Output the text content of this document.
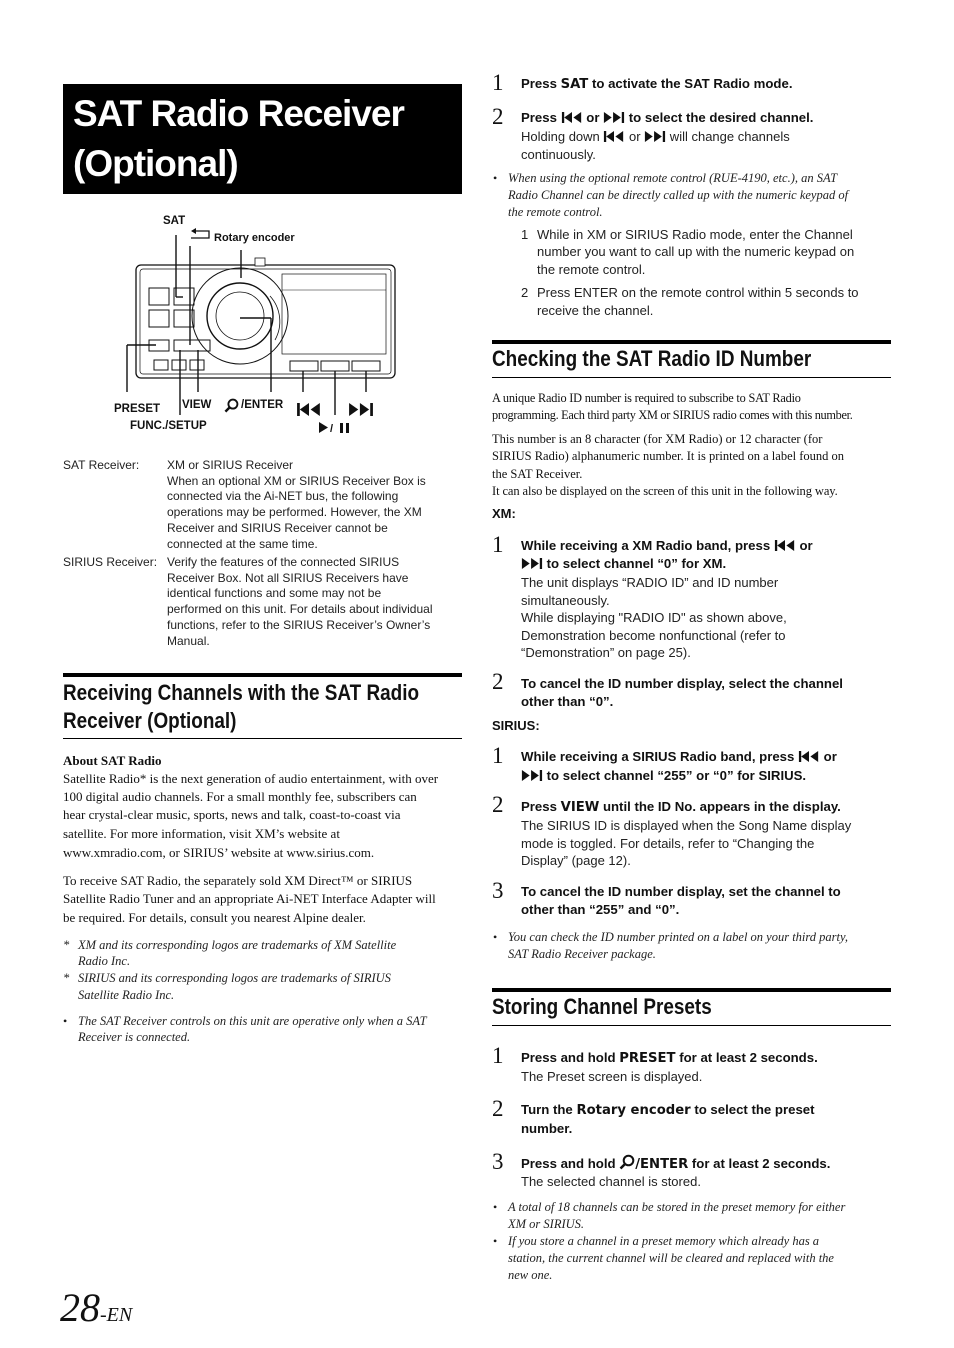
SAT Radio Receiver
(Optional)
SAT
Rotary encoder
PRESET VIEW	/ENTER
FUNC./SETUP	/
SAT Receiver: XM or SIRIUS Receiver
When an optional XM or SIRIUS Receiver Box is
connected via the Ai-NET bus, the following
operations may be performed. However, the XM
Receiver and SIRIUS Receiver cannot be
connected at the same time.
SIRIUS Receiver: Verify the features of the connected SIRIUS
Receiver Box. Not all SIRIUS Receivers have
identical functions and some may not be
performed on this unit. For details about individual
functions, refer to the SIRIUS Receiver’s Owner’s
Manual.
Receiving Channels with the SAT Radio
Receiver (Optional)
About SAT Radio
Satellite Radio* is the next generation of audio entertainment, with over
100 digital audio channels. For a small monthly fee, subscribers can
hear crystal-clear music, sports, news and talk, coast-to-coast via
satellite. For more information, visit XM’s website at
www.xmradio.com, or SIRIUS’ website at www.sirius.com.
To receive SAT Radio, the separately sold XM Direct™ or SIRIUS
Satellite Radio Tuner and an appropriate Ai-NET Interface Adapter will
be required. For details, consult you nearest Alpine dealer.
* XM and its corresponding logos are trademarks of XM Satellite
Radio Inc.
* SIRIUS and its corresponding logos are trademarks of SIRIUS
Satellite Radio Inc.
• The SAT Receiver controls on this unit are operative only when a SAT
Receiver is connected.
28-EN
1 Press SAT to activate the SAT Radio mode.
2 Press  or  to select the desired channel.
Holding down  or  will change channels
continuously.
• When using the optional remote control (RUE-4190, etc.), an SAT
Radio Channel can be directly called up with the numeric keypad of
the remote control.
1 While in XM or SIRIUS Radio mode, enter the Channel
number you want to call up with the numeric keypad on
the remote control.
2 Press ENTER on the remote control within 5 seconds to
receive the channel.
Checking the SAT Radio ID Number
A unique Radio ID number is required to subscribe to SAT Radio
programming. Each third party XM or SIRIUS radio comes with this number.
This number is an 8 character (for XM Radio) or 12 character (for
SIRIUS Radio) alphanumeric number. It is printed on a label found on
the SAT Receiver.
It can also be displayed on the screen of this unit in the following way.
XM:
1 While receiving a XM Radio band, press  or
to select channel “0” for XM.
The unit displays “RADIO ID” and ID number
simultaneously.
While displaying "RADIO ID" as shown above,
Demonstration become nonfunctional (refer to
“Demonstration” on page 25).
2 To cancel the ID number display, select the channel
other than “0”.
SIRIUS:
1 While receiving a SIRIUS Radio band, press  or
to select channel “255” or “0” for SIRIUS.
2 Press VIEW until the ID No. appears in the display.
The SIRIUS ID is displayed when the Song Name display
mode is toggled. For details, refer to “Changing the
Display” (page 12).
3 To cancel the ID number display, set the channel to
other than “255” and “0”.
• You can check the ID number printed on a label on your third party,
SAT Radio Receiver package.
Storing Channel Presets
1 Press and hold PRESET for at least 2 seconds.
The Preset screen is displayed.
2 Turn the Rotary encoder to select the preset
number.
3 Press and hold /ENTER for at least 2 seconds.
The selected channel is stored.
• A total of 18 channels can be stored in the preset memory for either
XM or SIRIUS.
• If you store a channel in a preset memory which already has a
station, the current channel will be cleared and replaced with the
new one.
